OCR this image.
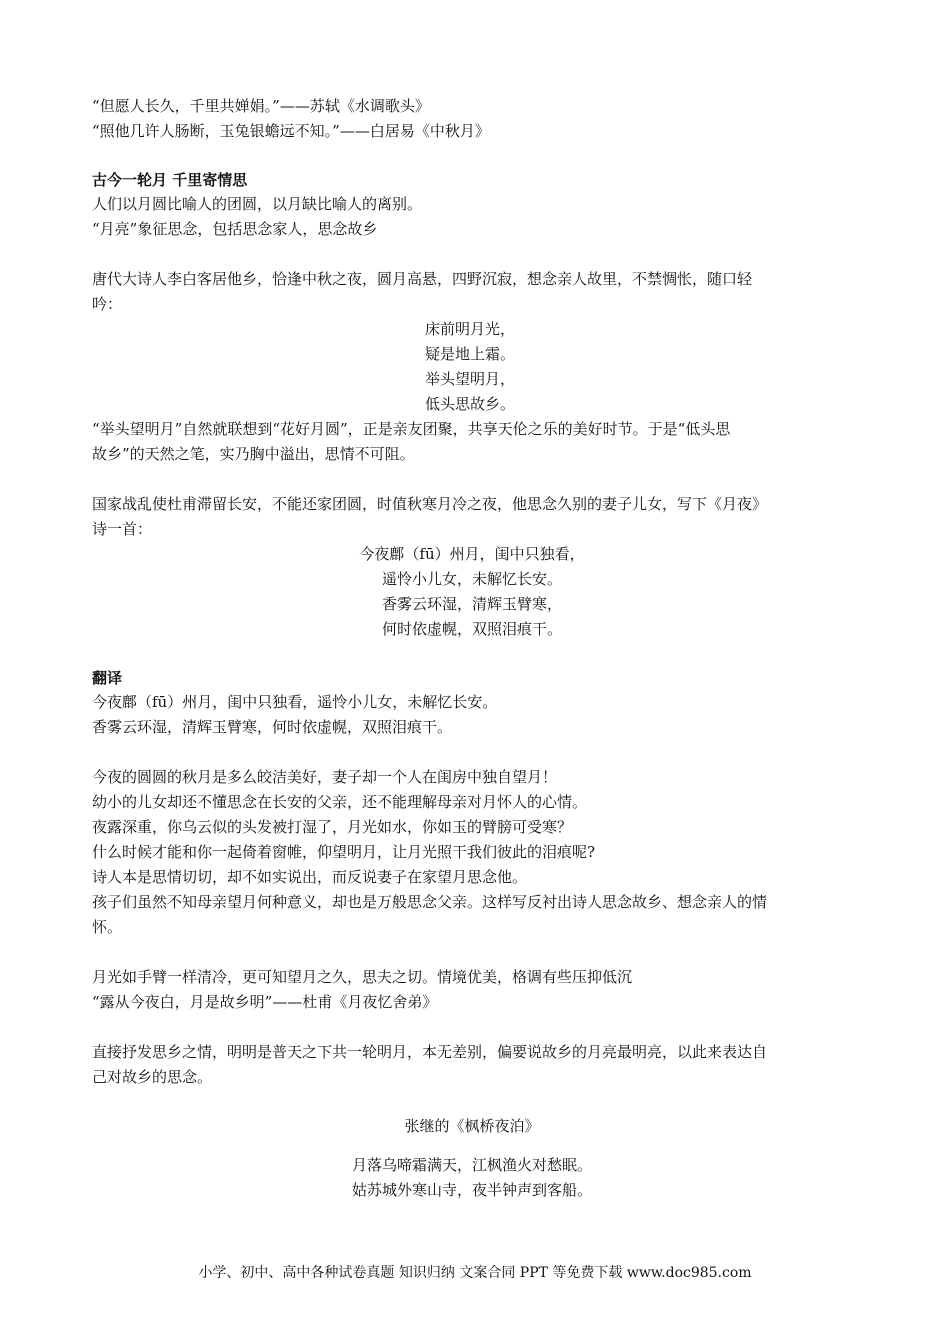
“但愿人长久，千里共婵娟。”——苏轼《水调歌头》
“照他几许人肠断，玉兔银蟾远不知。”——白居易《中秋月》
古今一轮月 千里寄情思
人们以月圆比喻人的团圆，以月缺比喻人的离别。
“月亮”象征思念，包括思念家人，思念故乡
唐代大诗人李白客居他乡，恰逢中秋之夜，圆月高悬，四野沉寂，想念亲人故里，不禁惆怅，随口轻
吟：
床前明月光，
疑是地上霜。
举头望明月，
低头思故乡。
“举头望明月”自然就联想到“花好月圆”，正是亲友团聚，共享天伦之乐的美好时节。于是“低头思
故乡”的天然之笔，实乃胸中溢出，思情不可阻。
国家战乱使杜甫滞留长安，不能还家团圆，时值秋寒月冷之夜，他思念久别的妻子儿女，写下《月夜》
诗一首：
今夜鄜（fū）州月，闺中只独看，
遥怜小儿女，未解忆长安。
香雾云环湿，清辉玉臂寒，
何时依虚幌，双照泪痕干。
翻译
今夜鄜（fū）州月，闺中只独看，遥怜小儿女，未解忆长安。
香雾云环湿，清辉玉臂寒，何时依虚幌，双照泪痕干。
今夜的圆圆的秋月是多么皎洁美好，妻子却一个人在闺房中独自望月！
幼小的儿女却还不懂思念在长安的父亲，还不能理解母亲对月怀人的心情。
夜露深重，你乌云似的头发被打湿了，月光如水，你如玉的臂膀可受寒？
什么时候才能和你一起倚着窗帷，仰望明月，让月光照干我们彼此的泪痕呢?
诗人本是思情切切，却不如实说出，而反说妻子在家望月思念他。
孩子们虽然不知母亲望月何种意义，却也是万般思念父亲。这样写反衬出诗人思念故乡、想念亲人的情
怀。
月光如手臂一样清冷，更可知望月之久，思夫之切。情境优美，格调有些压抑低沉
“露从今夜白，月是故乡明”——杜甫《月夜忆舍弟》
直接抒发思乡之情，明明是普天之下共一轮明月，本无差别，偏要说故乡的月亮最明亮，以此来表达自
己对故乡的思念。
张继的《枫桥夜泊》
月落乌啼霜满天，江枫渔火对愁眠。
姑苏城外寒山寺，夜半钟声到客船。
小学、初中、高中各种试卷真题 知识归纳 文案合同 PPT 等免费下载 www.doc985.com
